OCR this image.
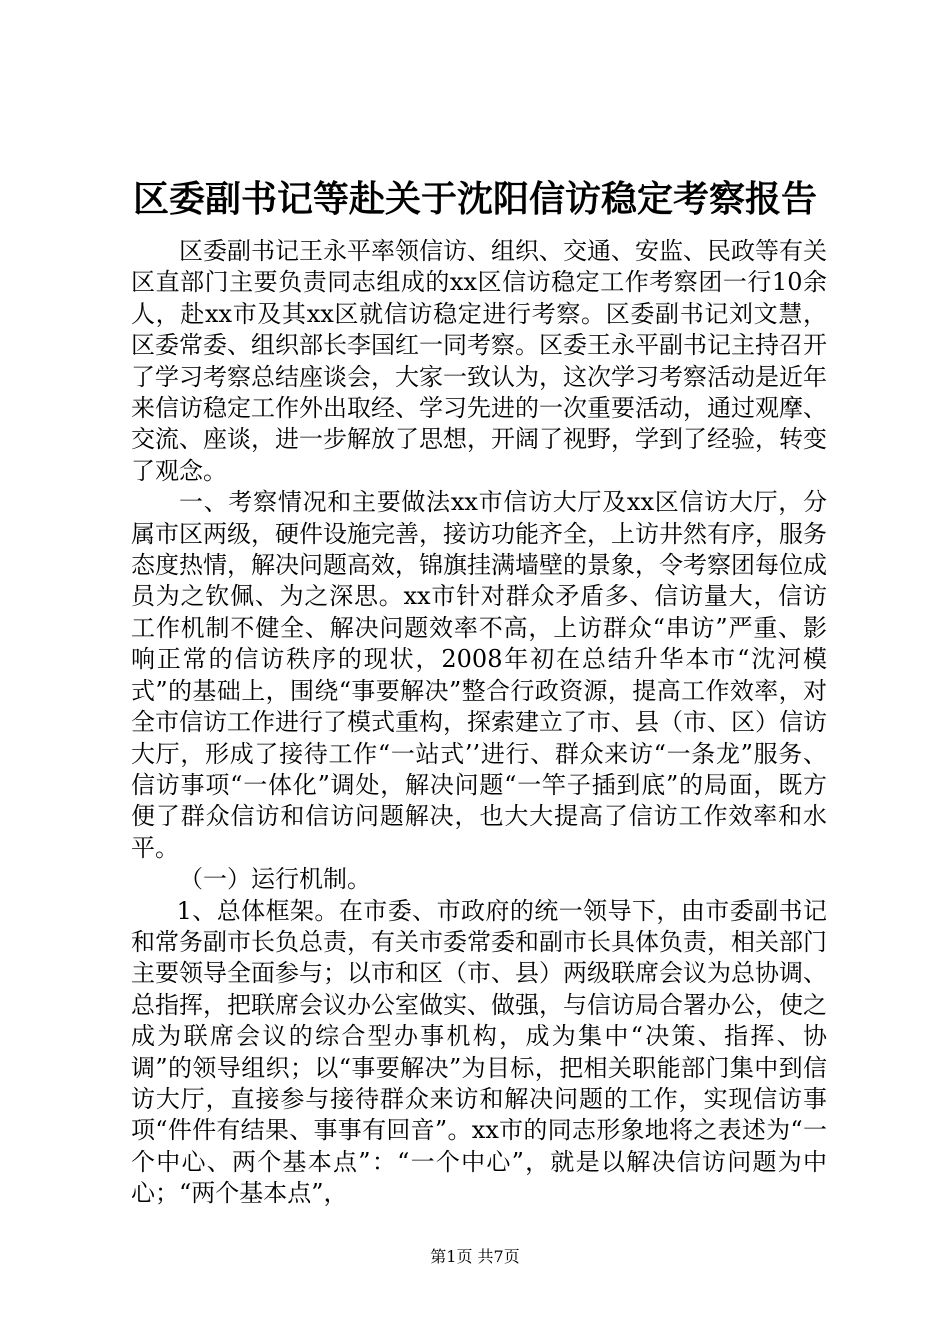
区委副书记等赴关于沈阳信访稳定考察报告

区委副书记王永平率领信访、组织、交通、安监、民政等有关区直部门主要负责同志组成的xx区信访稳定工作考察团一行10余人，赴xx市及其xx区就信访稳定进行考察。区委副书记刘文慧，区委常委、组织部长李国红一同考察。区委王永平副书记主持召开了学习考察总结座谈会，大家一致认为，这次学习考察活动是近年来信访稳定工作外出取经、学习先进的一次重要活动，通过观摩、交流、座谈，进一步解放了思想，开阔了视野，学到了经验，转变了观念。

一、考察情况和主要做法xx市信访大厅及xx区信访大厅，分属市区两级，硬件设施完善，接访功能齐全，上访井然有序，服务态度热情，解决问题高效，锦旗挂满墙壁的景象，令考察团每位成员为之钦佩、为之深思。xx市针对群众矛盾多、信访量大，信访工作机制不健全、解决问题效率不高，上访群众“串访”严重、影响正常的信访秩序的现状，2008年初在总结升华本市“沈河模式”的基础上，围绕“事要解决”整合行政资源，提高工作效率，对全市信访工作进行了模式重构，探索建立了市、县（市、区）信访大厅，形成了接待工作“一站式’’进行、群众来访“一条龙”服务、信访事项“一体化”调处，解决问题“一竿子插到底”的局面，既方便了群众信访和信访问题解决，也大大提高了信访工作效率和水平。

（一）运行机制。

1、总体框架。在市委、市政府的统一领导下，由市委副书记和常务副市长负总责，有关市委常委和副市长具体负责，相关部门主要领导全面参与；以市和区（市、县）两级联席会议为总协调、总指挥，把联席会议办公室做实、做强，与信访局合署办公，使之成为联席会议的综合型办事机构，成为集中“决策、指挥、协调”的领导组织；以“事要解决”为目标，把相关职能部门集中到信访大厅，直接参与接待群众来访和解决问题的工作，实现信访事项“件件有结果、事事有回音”。xx市的同志形象地将之表述为“一个中心、两个基本点”：“一个中心”，就是以解决信访问题为中心；“两个基本点”，

第1页 共7页
